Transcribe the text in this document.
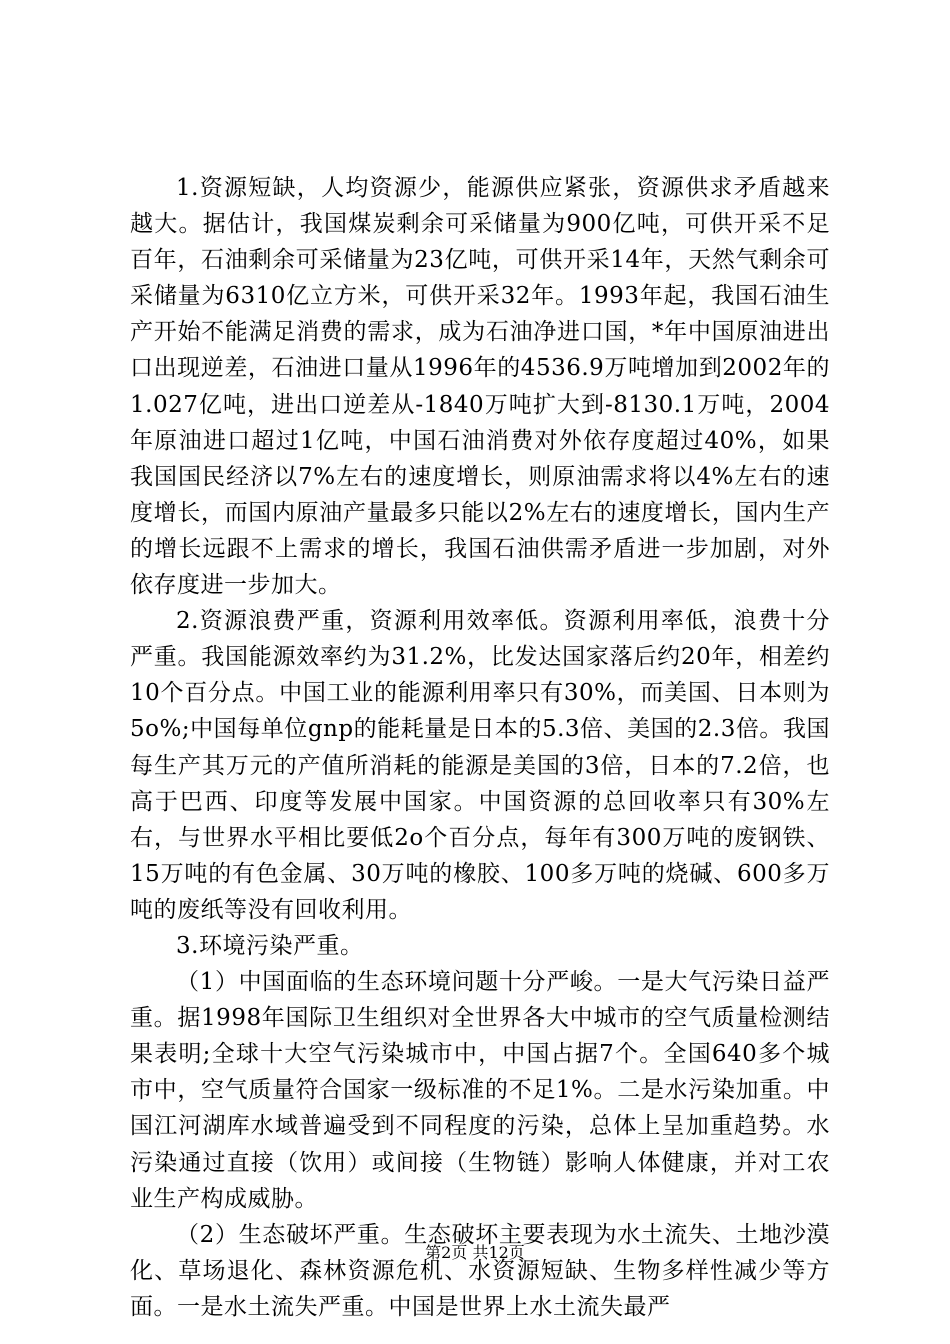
1.资源短缺，人均资源少，能源供应紧张，资源供求矛盾越来越大。据估计，我国煤炭剩余可采储量为900亿吨，可供开采不足百年，石油剩余可采储量为23亿吨，可供开采14年，天然气剩余可采储量为6310亿立方米，可供开采32年。1993年起，我国石油生产开始不能满足消费的需求，成为石油净进口国，*年中国原油进出口出现逆差，石油进口量从1996年的4536.9万吨增加到2002年的1.027亿吨，进出口逆差从-1840万吨扩大到-8130.1万吨，2004年原油进口超过1亿吨，中国石油消费对外依存度超过40%，如果我国国民经济以7%左右的速度增长，则原油需求将以4%左右的速度增长，而国内原油产量最多只能以2%左右的速度增长，国内生产的增长远跟不上需求的增长，我国石油供需矛盾进一步加剧，对外依存度进一步加大。

2.资源浪费严重，资源利用效率低。资源利用率低，浪费十分严重。我国能源效率约为31.2%，比发达国家落后约20年，相差约10个百分点。中国工业的能源利用率只有30%，而美国、日本则为5o%;中国每单位gnp的能耗量是日本的5.3倍、美国的2.3倍。我国每生产其万元的产值所消耗的能源是美国的3倍，日本的7.2倍，也高于巴西、印度等发展中国家。中国资源的总回收率只有30%左右，与世界水平相比要低2o个百分点，每年有300万吨的废钢铁、15万吨的有色金属、30万吨的橡胶、100多万吨的烧碱、600多万吨的废纸等没有回收利用。

3.环境污染严重。

（1）中国面临的生态环境问题十分严峻。一是大气污染日益严重。据1998年国际卫生组织对全世界各大中城市的空气质量检测结果表明;全球十大空气污染城市中，中国占据7个。全国640多个城市中，空气质量符合国家一级标准的不足1%。二是水污染加重。中国江河湖库水域普遍受到不同程度的污染，总体上呈加重趋势。水污染通过直接（饮用）或间接（生物链）影响人体健康，并对工农业生产构成威胁。

（2）生态破坏严重。生态破坏主要表现为水土流失、土地沙漠化、草场退化、森林资源危机、水资源短缺、生物多样性减少等方面。一是水土流失严重。中国是世界上水土流失最严

第2页 共12页
